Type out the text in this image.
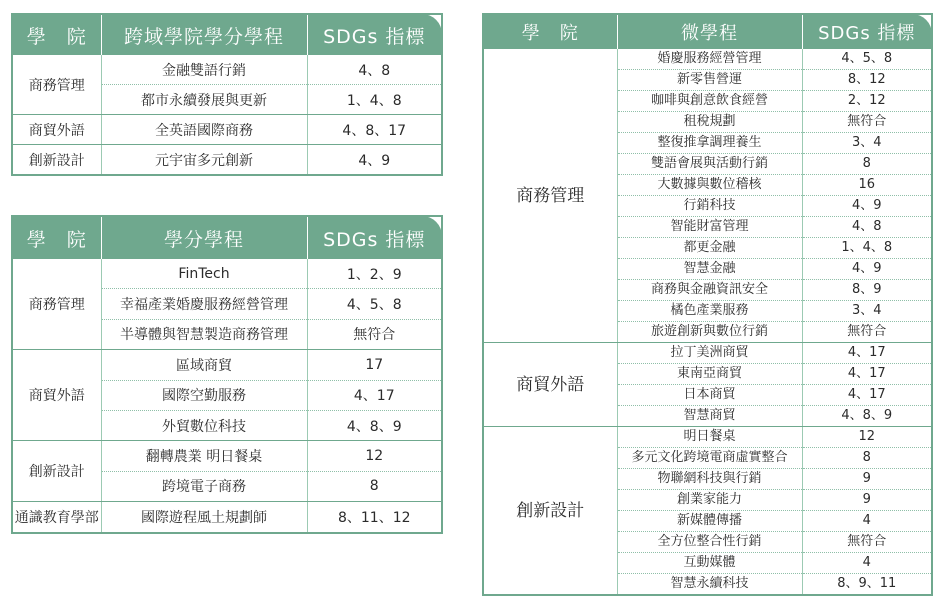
學　院	跨域學院學分學程	SDGs 指標
商務管理	金融雙語行銷	4、8
	都市永續發展與更新	1、4、8
商貿外語	全英語國際商務	4、8、17
創新設計	元宇宙多元創新	4、9
學　院	學分學程	SDGs 指標
商務管理	FinTech	1、2、9
	幸福產業婚慶服務經營管理	4、5、8
	半導體與智慧製造商務管理	無符合
商貿外語	區域商貿	17
	國際空勤服務	4、17
	外貿數位科技	4、8、9
創新設計	翻轉農業 明日餐桌	12
	跨境電子商務	8
通識教育學部	國際遊程風土規劃師	8、11、12
學　院	微學程	SDGs 指標
商務管理	婚慶服務經營管理	4、5、8
	新零售營運	8、12
	咖啡與創意飲食經營	2、12
	租稅規劃	無符合
	整復推拿調理養生	3、4
	雙語會展與活動行銷	8
	大數據與數位稽核	16
	行銷科技	4、9
	智能財富管理	4、8
	都更金融	1、4、8
	智慧金融	4、9
	商務與金融資訊安全	8、9
	橘色產業服務	3、4
	旅遊創新與數位行銷	無符合
商貿外語	拉丁美洲商貿	4、17
	東南亞商貿	4、17
	日本商貿	4、17
	智慧商貿	4、8、9
創新設計	明日餐桌	12
	多元文化跨境電商虛實整合	8
	物聯網科技與行銷	9
	創業家能力	9
	新媒體傳播	4
	全方位整合性行銷	無符合
	互動媒體	4
	智慧永續科技	8、9、11
